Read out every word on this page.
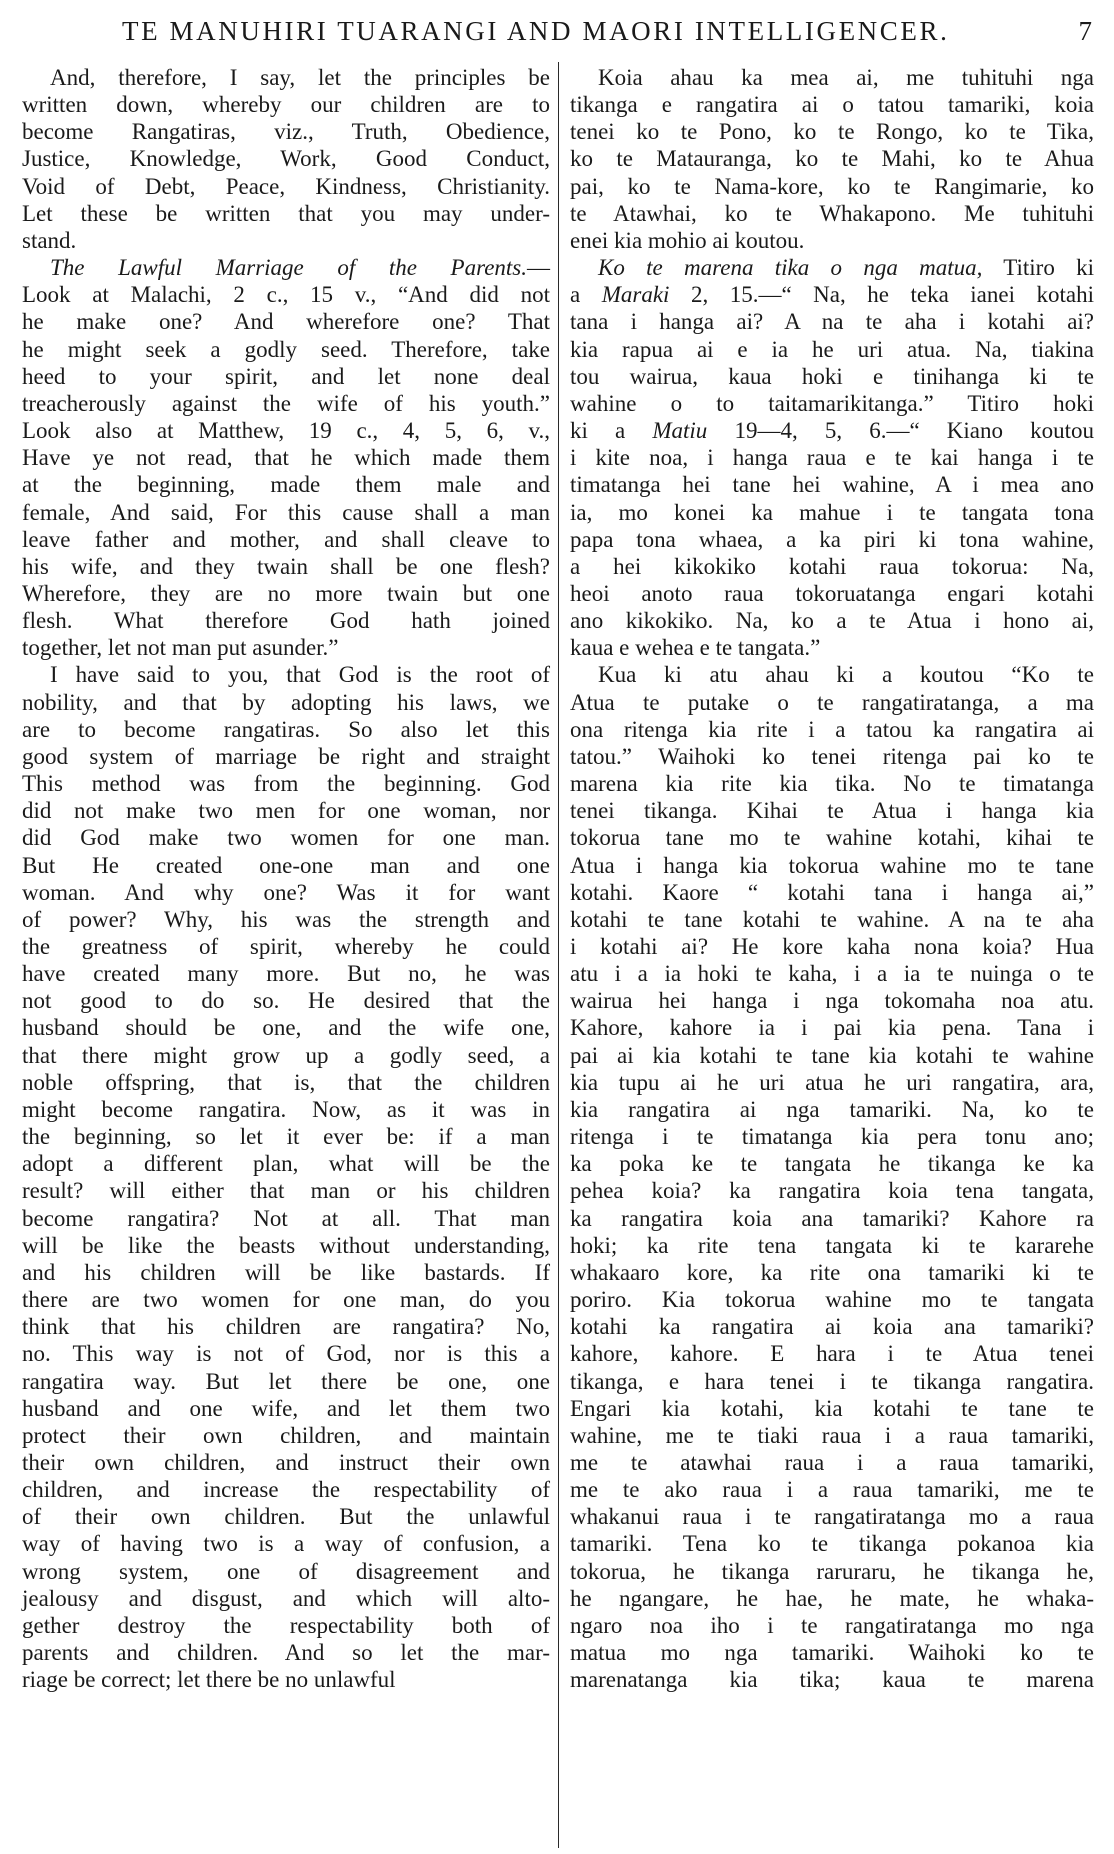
TE MANUHIRI TUARANGI AND MAORI INTELLIGENCER.	7
And, therefore, I say, let the principles be
written down, whereby our children are to
become Rangatiras, viz., Truth, Obedience,
Justice, Knowledge, Work, Good Conduct,
Void of Debt, Peace, Kindness, Christianity.
Let these be written that you may under-
stand.
The Lawful Marriage of the Parents.—
Look at Malachi, 2 c., 15 v., “And did not
he make one? And wherefore one? That
he might seek a godly seed. Therefore, take
heed to your spirit, and let none deal
treacherously against the wife of his youth.”
Look also at Matthew, 19 c., 4, 5, 6, v.,
Have ye not read, that he which made them
at the beginning, made them male and
female, And said, For this cause shall a man
leave father and mother, and shall cleave to
his wife, and they twain shall be one flesh?
Wherefore, they are no more twain but one
flesh. What therefore God hath joined
together, let not man put asunder.”
I have said to you, that God is the root of
nobility, and that by adopting his laws, we
are to become rangatiras. So also let this
good system of marriage be right and straight
This method was from the beginning. God
did not make two men for one woman, nor
did God make two women for one man.
But He created one-one man and one
woman. And why one? Was it for want
of power? Why, his was the strength and
the greatness of spirit, whereby he could
have created many more. But no, he was
not good to do so. He desired that the
husband should be one, and the wife one,
that there might grow up a godly seed, a
noble offspring, that is, that the children
might become rangatira. Now, as it was in
the beginning, so let it ever be: if a man
adopt a different plan, what will be the
result? will either that man or his children
become rangatira? Not at all. That man
will be like the beasts without understanding,
and his children will be like bastards. If
there are two women for one man, do you
think that his children are rangatira? No,
no. This way is not of God, nor is this a
rangatira way. But let there be one, one
husband and one wife, and let them two
protect their own children, and maintain
their own children, and instruct their own
children, and increase the respectability of
of their own children. But the unlawful
way of having two is a way of confusion, a
wrong system, one of disagreement and
jealousy and disgust, and which will alto-
gether destroy the respectability both of
parents and children. And so let the mar-
riage be correct; let there be no unlawful
Koia ahau ka mea ai, me tuhituhi nga
tikanga e rangatira ai o tatou tamariki, koia
tenei ko te Pono, ko te Rongo, ko te Tika,
ko te Matauranga, ko te Mahi, ko te Ahua
pai, ko te Nama-kore, ko te Rangimarie, ko
te Atawhai, ko te Whakapono. Me tuhituhi
enei kia mohio ai koutou.
Ko te marena tika o nga matua, Titiro ki
a Maraki 2, 15.—“ Na, he teka ianei kotahi
tana i hanga ai? A na te aha i kotahi ai?
kia rapua ai e ia he uri atua. Na, tiakina
tou wairua, kaua hoki e tinihanga ki te
wahine o to taitamarikitanga.” Titiro hoki
ki a Matiu 19—4, 5, 6.—“ Kiano koutou
i kite noa, i hanga raua e te kai hanga i te
timatanga hei tane hei wahine, A i mea ano
ia, mo konei ka mahue i te tangata tona
papa tona whaea, a ka piri ki tona wahine,
a hei kikokiko kotahi raua tokorua: Na,
heoi anoto raua tokoruatanga engari kotahi
ano kikokiko. Na, ko a te Atua i hono ai,
kaua e wehea e te tangata.”
Kua ki atu ahau ki a koutou “Ko te
Atua te putake o te rangatiratanga, a ma
ona ritenga kia rite i a tatou ka rangatira ai
tatou.” Waihoki ko tenei ritenga pai ko te
marena kia rite kia tika. No te timatanga
tenei tikanga. Kihai te Atua i hanga kia
tokorua tane mo te wahine kotahi, kihai te
Atua i hanga kia tokorua wahine mo te tane
kotahi. Kaore “ kotahi tana i hanga ai,”
kotahi te tane kotahi te wahine. A na te aha
i kotahi ai? He kore kaha nona koia? Hua
atu i a ia hoki te kaha, i a ia te nuinga o te
wairua hei hanga i nga tokomaha noa atu.
Kahore, kahore ia i pai kia pena. Tana i
pai ai kia kotahi te tane kia kotahi te wahine
kia tupu ai he uri atua he uri rangatira, ara,
kia rangatira ai nga tamariki. Na, ko te
ritenga i te timatanga kia pera tonu ano;
ka poka ke te tangata he tikanga ke ka
pehea koia? ka rangatira koia tena tangata,
ka rangatira koia ana tamariki? Kahore ra
hoki; ka rite tena tangata ki te kararehe
whakaaro kore, ka rite ona tamariki ki te
poriro. Kia tokorua wahine mo te tangata
kotahi ka rangatira ai koia ana tamariki?
kahore, kahore. E hara i te Atua tenei
tikanga, e hara tenei i te tikanga rangatira.
Engari kia kotahi, kia kotahi te tane te
wahine, me te tiaki raua i a raua tamariki,
me te atawhai raua i a raua tamariki,
me te ako raua i a raua tamariki, me te
whakanui raua i te rangatiratanga mo a raua
tamariki. Tena ko te tikanga pokanoa kia
tokorua, he tikanga raruraru, he tikanga he,
he ngangare, he hae, he mate, he whaka-
ngaro noa iho i te rangatiratanga mo nga
matua mo nga tamariki. Waihoki ko te
marenatanga kia tika; kaua te marena
